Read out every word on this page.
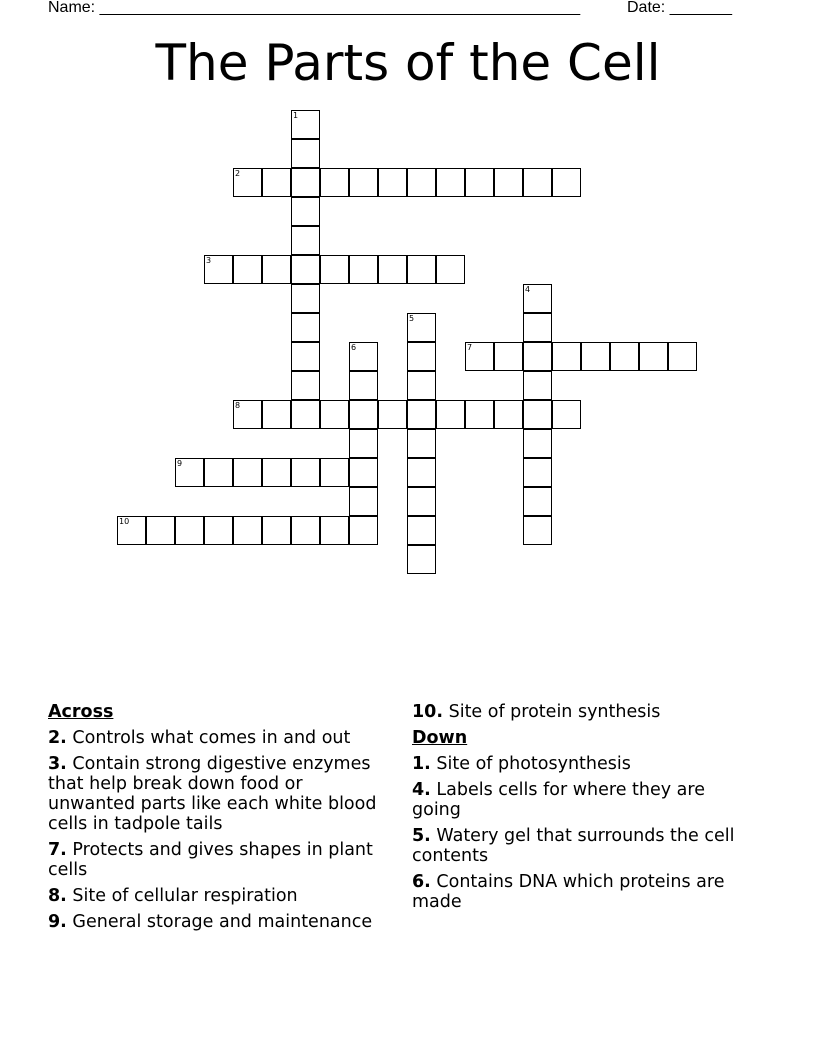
Name: ______________________________________________________	Date: _______
The Parts of the Cell
1
2
3
4
5
6	7
8
9
10
Across
2. Controls what comes in and out
3. Contain strong digestive enzymes that help break down food or unwanted parts like each white blood cells in tadpole tails
7. Protects and gives shapes in plant cells
8. Site of cellular respiration
9. General storage and maintenance
10. Site of protein synthesis
Down
1. Site of photosynthesis
4. Labels cells for where they are going
5. Watery gel that surrounds the cell contents
6. Contains DNA which proteins are made
